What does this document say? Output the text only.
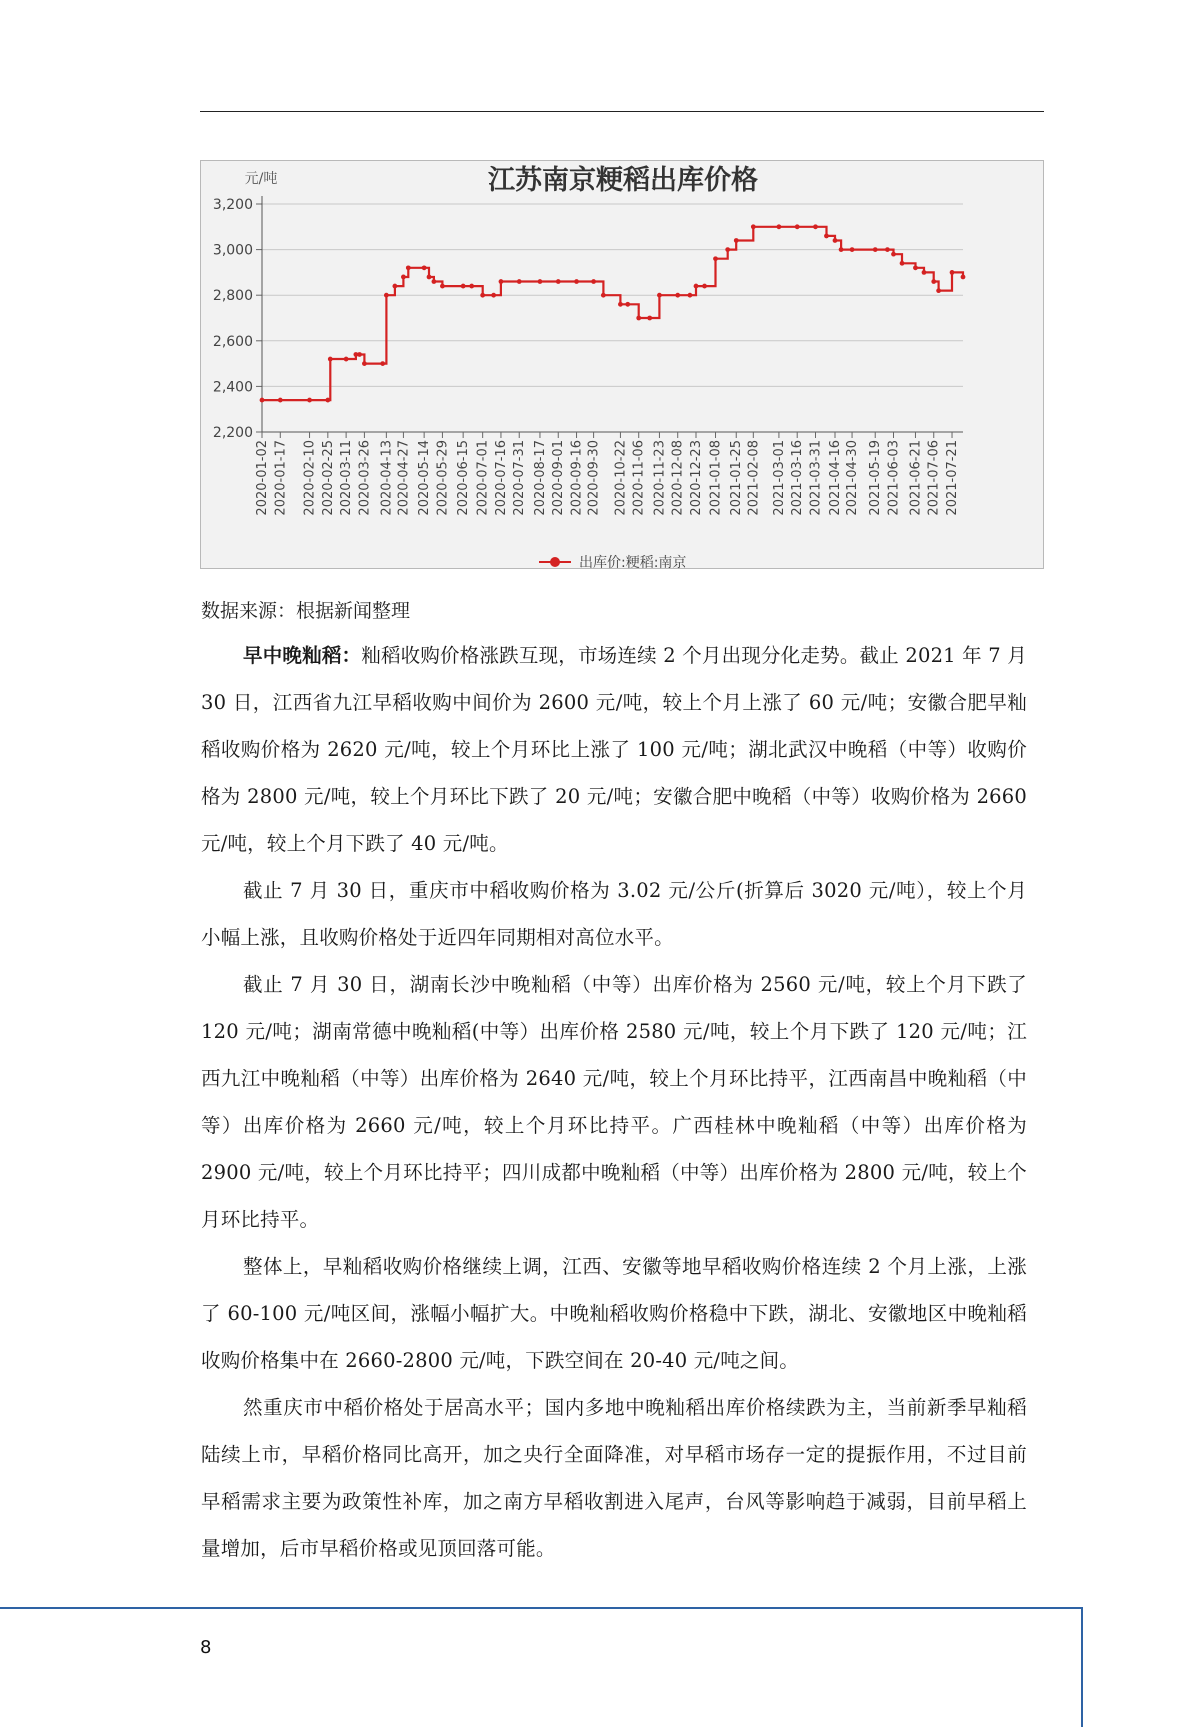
江苏南京粳稻出库价格
元/吨
3,200
3,000
2,800
2,600
2,400
2,200
2020-01-02 2020-01-17 2020-02-10 2020-02-25 2020-03-11 2020-03-26 2020-04-13 2020-04-27 2020-05-14 2020-05-29 2020-06-15 2020-07-01 2020-07-16 2020-07-31 2020-08-17 2020-09-01 2020-09-16 2020-09-30 2020-10-22 2020-11-06 2020-11-23 2020-12-08 2020-12-23 2021-01-08 2021-01-25 2021-02-08 2021-03-01 2021-03-16 2021-03-31 2021-04-16 2021-04-30 2021-05-19 2021-06-03 2021-06-21 2021-07-06 2021-07-21
出库价:粳稻:南京
数据来源：根据新闻整理

早中晚籼稻：籼稻收购价格涨跌互现，市场连续 2 个月出现分化走势。截止 2021 年 7 月 30 日，江西省九江早稻收购中间价为 2600 元/吨，较上个月上涨了 60 元/吨；安徽合肥早籼稻收购价格为 2620 元/吨，较上个月环比上涨了 100 元/吨；湖北武汉中晚稻（中等）收购价格为 2800 元/吨，较上个月环比下跌了 20 元/吨；安徽合肥中晚稻（中等）收购价格为 2660 元/吨，较上个月下跌了 40 元/吨。

截止 7 月 30 日，重庆市中稻收购价格为 3.02 元/公斤(折算后 3020 元/吨），较上个月小幅上涨，且收购价格处于近四年同期相对高位水平。

截止 7 月 30 日，湖南长沙中晚籼稻（中等）出库价格为 2560 元/吨，较上个月下跌了 120 元/吨；湖南常德中晚籼稻(中等）出库价格 2580 元/吨，较上个月下跌了 120 元/吨；江西九江中晚籼稻（中等）出库价格为 2640 元/吨，较上个月环比持平，江西南昌中晚籼稻（中等）出库价格为 2660 元/吨，较上个月环比持平。广西桂林中晚籼稻（中等）出库价格为 2900 元/吨，较上个月环比持平；四川成都中晚籼稻（中等）出库价格为 2800 元/吨，较上个月环比持平。

整体上，早籼稻收购价格继续上调，江西、安徽等地早稻收购价格连续 2 个月上涨，上涨了 60-100 元/吨区间，涨幅小幅扩大。中晚籼稻收购价格稳中下跌，湖北、安徽地区中晚籼稻收购价格集中在 2660-2800 元/吨，下跌空间在 20-40 元/吨之间。

然重庆市中稻价格处于居高水平；国内多地中晚籼稻出库价格续跌为主，当前新季早籼稻陆续上市，早稻价格同比高开，加之央行全面降准，对早稻市场存一定的提振作用，不过目前早稻需求主要为政策性补库，加之南方早稻收割进入尾声，台风等影响趋于减弱，目前早稻上量增加，后市早稻价格或见顶回落可能。

8
